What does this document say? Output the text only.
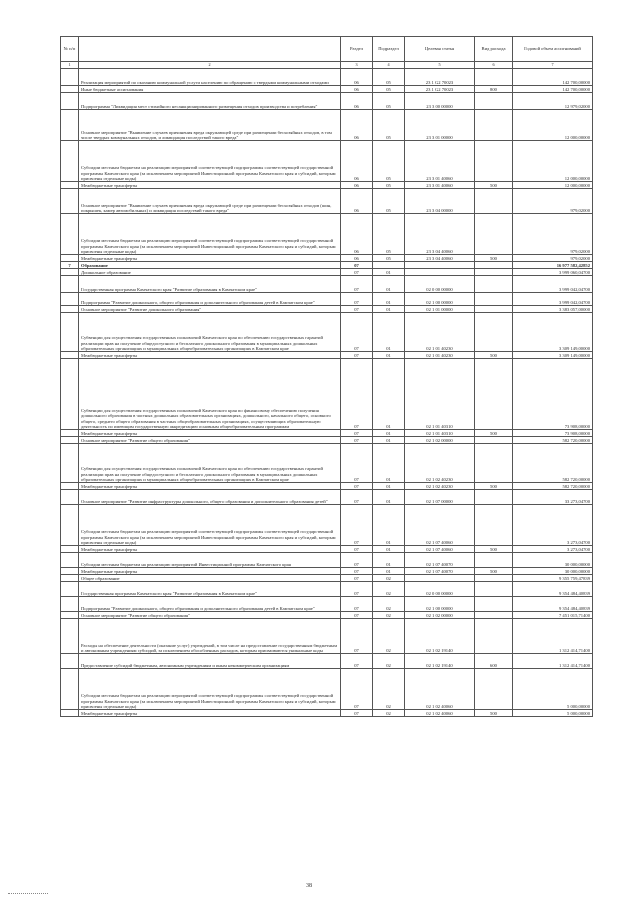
№ п/п		Раздел	Подраздел	Целевая статья	Вид расхода	Годовой объем ассигнований
1	2	3	4	5	6	7
	Реализация мероприятий по оказанию коммунальной услуги населению по обращению с твердыми коммунальными отходами	06	05	23 1 G2 70023		142 700,00000
	Иные бюджетные ассигнования	06	05	23 1 G2 70023	800	142 700,00000
	Подпрограмма "Ликвидация мест стихийного несанкционированного размещения отходов производства и потребления"	06	05	23 3 00 00000		12 979,02000
	Основное мероприятие "Выявление случаев причинения вреда окружающей среде при размещении бесхозяйных отходов, в том числе твердых коммунальных отходов, и ликвидация последствий такого вреда"	06	05	23 3 01 00000		12 000,00000
	Субсидии местным бюджетам на реализацию мероприятий соответствующей подпрограммы соответствующей государственной программы Камчатского края (за исключением мероприятий Инвестиционной программы Камчатского края и субсидий, которым присвоены отдельные коды)	06	05	23 3 01 40060		12 000,00000
	Межбюджетные трансферты	06	05	23 3 01 40060	500	12 000,00000
	Основное мероприятие "Выявление случаев причинения вреда окружающей среде при размещении бесхозяйных отходов (шин, покрышек, камер автомобильных) и ликвидация последствий такого вреда"	06	05	23 3 04 00000		979,02000
	Субсидии местным бюджетам на реализацию мероприятий соответствующей подпрограммы соответствующей государственной программы Камчатского края (за исключением мероприятий Инвестиционной программы Камчатского края и субсидий, которым присвоены отдельные коды)	06	05	23 3 04 40060		979,02000
	Межбюджетные трансферты	06	05	23 3 04 40060	500	979,02000
7	Образование	07				16 977 582,42852
	Дошкольное образование	07	01			3 999 060,04700
	Государственная программа Камчатского края "Развитие образования в Камчатском крае"	07	01	02 0 00 00000		3 999 042,04700
	Подпрограмма "Развитие дошкольного, общего образования и дополнительного образования детей в Камчатском крае"	07	01	02 1 00 00000		3 999 042,04700
	Основное мероприятие "Развитие дошкольного образования"	07	01	02 1 01 00000		3 383 057,00000
	Субвенции для осуществления государственных полномочий Камчатского края по обеспечению государственных гарантий реализации прав на получение общедоступного и бесплатного дошкольного образования в муниципальных дошкольных образовательных организациях и муниципальных общеобразовательных организациях в Камчатском крае	07	01	02 1 01 40230		3 309 149,00000
	Межбюджетные трансферты	07	01	02 1 01 40230	500	3 309 149,00000
	Субвенции для осуществления государственных полномочий Камчатского края по финансовому обеспечению получения дошкольного образования в частных дошкольных образовательных организациях, дошкольного, начального общего, основного общего, среднего общего образования в частных общеобразовательных организациях, осуществляющих образовательную деятельность по имеющим государственную аккредитацию основным общеобразовательным программам	07	01	02 1 01 40310		73 908,00000
	Межбюджетные трансферты	07	01	02 1 01 40310	500	73 908,00000
	Основное мероприятие "Развитие общего образования"	07	01	02 1 02 00000		582 720,00000
	Субвенции для осуществления государственных полномочий Камчатского края по обеспечению государственных гарантий реализации прав на получение общедоступного и бесплатного дошкольного образования в муниципальных дошкольных образовательных организациях и муниципальных общеобразовательных организациях в Камчатском крае	07	01	02 1 02 40230		582 720,00000
	Межбюджетные трансферты	07	01	02 1 02 40230	500	582 720,00000
	Основное мероприятие "Развитие инфраструктуры дошкольного, общего образования и дополнительного образования детей"	07	01	02 1 07 00000		33 273,04700
	Субсидии местным бюджетам на реализацию мероприятий соответствующей подпрограммы соответствующей государственной программы Камчатского края (за исключением мероприятий Инвестиционной программы Камчатского края и субсидий, которым присвоены отдельные коды)	07	01	02 1 07 40060		3 273,04700
	Межбюджетные трансферты	07	01	02 1 07 40060	500	3 273,04700
	Субсидии местным бюджетам на реализацию мероприятий Инвестиционной программы Камчатского края	07	01	02 1 07 40070		30 000,00000
	Межбюджетные трансферты	07	01	02 1 07 40070	500	30 000,00000
	Общее образование	07	02			9 355 759,47839
	Государственная программа Камчатского края "Развитие образования в Камчатском крае"	07	02	02 0 00 00000		9 354 484,40839
	Подпрограмма "Развитие дошкольного, общего образования и дополнительного образования детей в Камчатском крае"	07	02	02 1 00 00000		9 354 484,40839
	Основное мероприятие "Развитие общего образования"	07	02	02 1 02 00000		7 451 015,71400
	Расходы на обеспечение деятельности (оказание услуг) учреждений, в том числе на предоставление государственным бюджетным и автономным учреждениям субсидий, за исключением обособленных расходов, которым присваиваются уникальные коды	07	02	02 1 02 19140		1 312 414,71400
	Предоставление субсидий бюджетным, автономным учреждениям и иным некоммерческим организациям	07	02	02 1 02 19140	600	1 312 414,71400
	Субсидии местным бюджетам на реализацию мероприятий соответствующей подпрограммы соответствующей государственной программы Камчатского края (за исключением мероприятий Инвестиционной программы Камчатского края и субсидий, которым присвоены отдельные коды)	07	02	02 1 02 40060		5 000,00000
	Межбюджетные трансферты	07	02	02 1 02 40060	500	5 000,00000
38
